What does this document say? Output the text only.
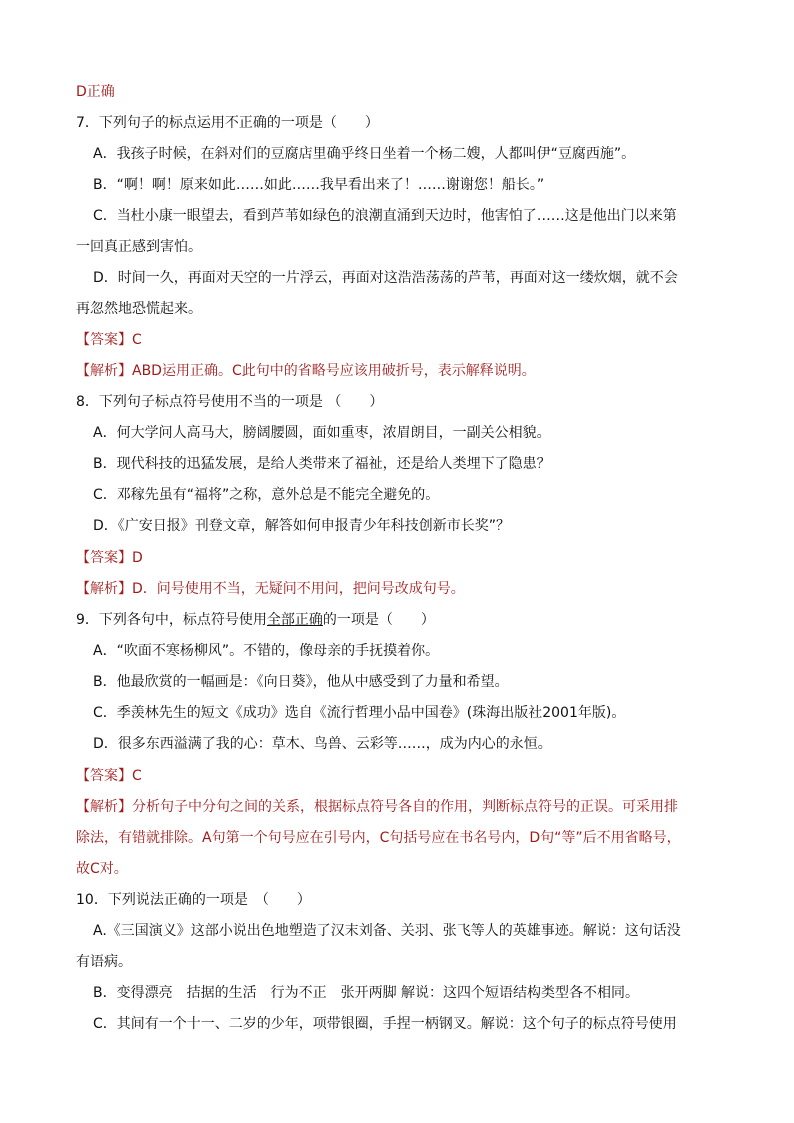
D正确
7．下列句子的标点运用不正确的一项是（　　）
A．我孩子时候，在斜对们的豆腐店里确乎终日坐着一个杨二嫂，人都叫伊“豆腐西施”。
B．“啊！啊！原来如此……如此……我早看出来了！……谢谢您！船长。”
C．当杜小康一眼望去，看到芦苇如绿色的浪潮直涌到天边时，他害怕了……这是他出门以来第
一回真正感到害怕。
D．时间一久，再面对天空的一片浮云，再面对这浩浩荡荡的芦苇，再面对这一缕炊烟，就不会
再忽然地恐慌起来。
【答案】C
【解析】ABD运用正确。C此句中的省略号应该用破折号，表示解释说明。
8．下列句子标点符号使用不当的一项是 （　　）
A．何大学问人高马大，膀阔腰圆，面如重枣，浓眉朗目，一副关公相貌。
B．现代科技的迅猛发展，是给人类带来了福祉，还是给人类埋下了隐患？
C．邓稼先虽有“福将”之称，意外总是不能完全避免的。
D．《广安日报》刊登文章，解答如何申报青少年科技创新市长奖”？
【答案】D
【解析】D．问号使用不当，无疑问不用问，把问号改成句号。
9．下列各句中，标点符号使用全部正确的一项是（　　）
A．“吹面不寒杨柳风”。不错的，像母亲的手抚摸着你。
B．他最欣赏的一幅画是：《向日葵》，他从中感受到了力量和希望。
C．季羡林先生的短文《成功》选自《流行哲理小品中国卷》(珠海出版社2001年版)。
D．很多东西溢满了我的心：草木、鸟兽、云彩等……，成为内心的永恒。
【答案】C
【解析】分析句子中分句之间的关系，根据标点符号各自的作用，判断标点符号的正误。可采用排
除法，有错就排除。A句第一个句号应在引号内，C句括号应在书名号内，D句“等”后不用省略号，
故C对。
10．下列说法正确的一项是　（　　）
A.《三国演义》这部小说出色地塑造了汉末刘备、关羽、张飞等人的英雄事迹。解说：这句话没
有语病。
B．变得漂亮　拮据的生活　行为不正　张开两脚 解说：这四个短语结构类型各不相同。
C．其间有一个十一、二岁的少年，项带银圈，手捏一柄钢叉。解说：这个句子的标点符号使用
